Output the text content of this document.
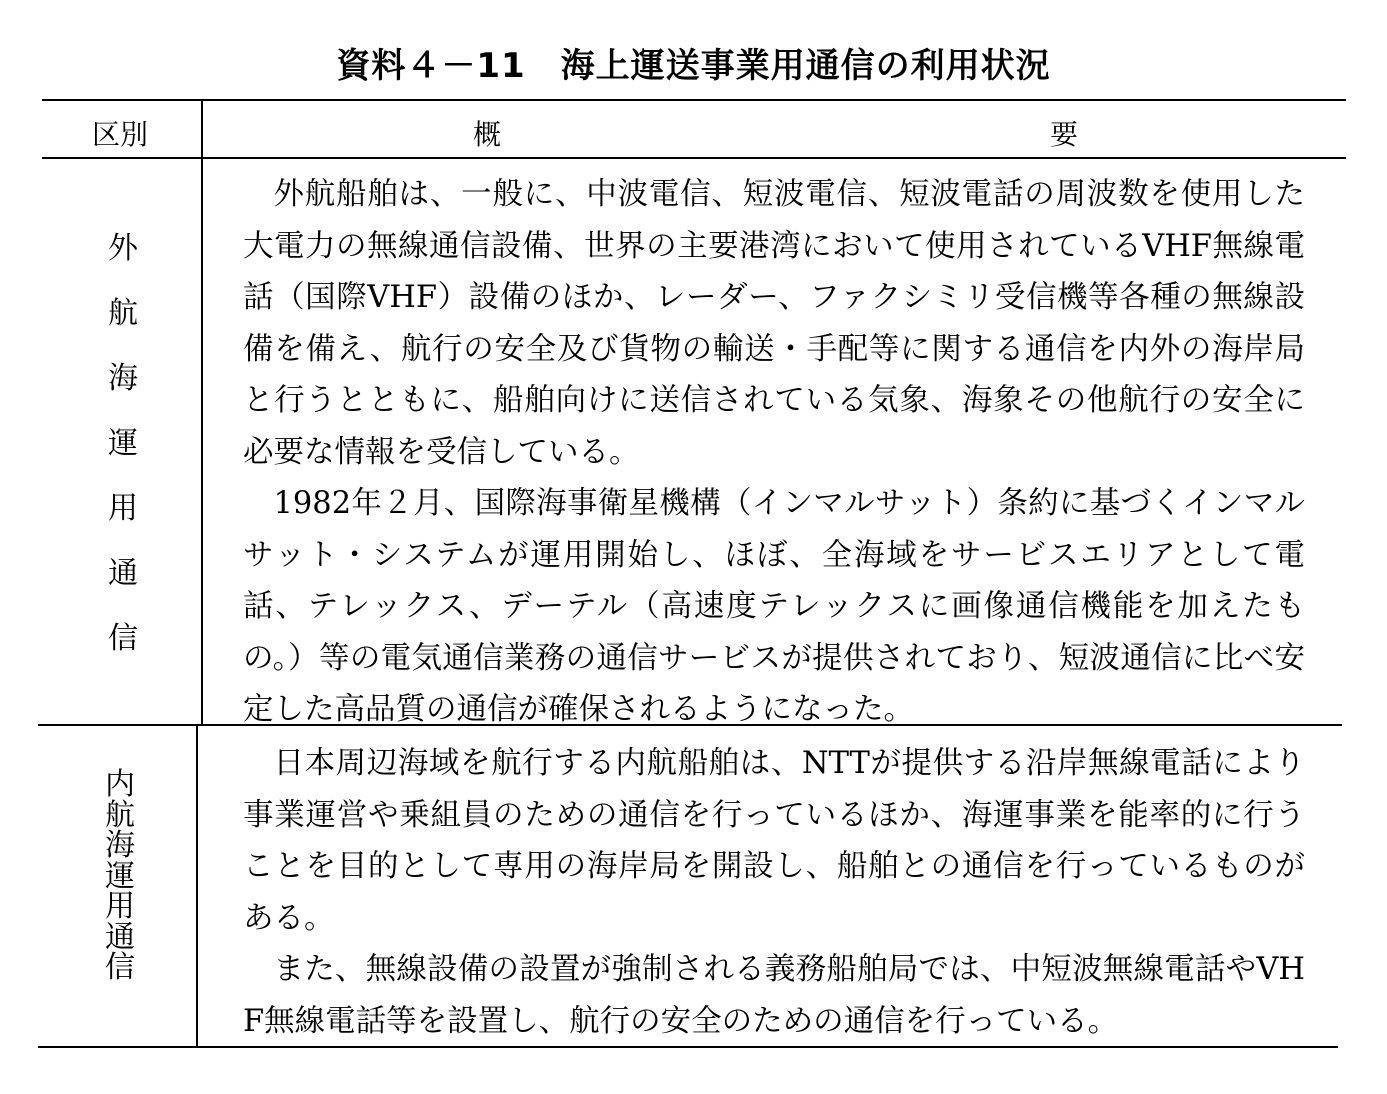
資料４－11　海上運送事業用通信の利用状況
区別	概	要
外
航
海
運
用
通
信

外航船舶は、一般に、中波電信、短波電信、短波電話の周波数を使用した大電力の無線通信設備、世界の主要港湾において使用されているVHF無線電話（国際VHF）設備のほか、レーダー、ファクシミリ受信機等各種の無線設備を備え、航行の安全及び貨物の輸送・手配等に関する通信を内外の海岸局と行うとともに、船舶向けに送信されている気象、海象その他航行の安全に必要な情報を受信している。

1982年２月、国際海事衛星機構（インマルサット）条約に基づくインマルサット・システムが運用開始し、ほぼ、全海域をサービスエリアとして電話、テレックス、デーテル（高速度テレックスに画像通信機能を加えたもの。）等の電気通信業務の通信サービスが提供されており、短波通信に比べ安定した高品質の通信が確保されるようになった。

内
航
海
運
用
通
信

日本周辺海域を航行する内航船舶は、NTTが提供する沿岸無線電話により事業運営や乗組員のための通信を行っているほか、海運事業を能率的に行うことを目的として専用の海岸局を開設し、船舶との通信を行っているものがある。

また、無線設備の設置が強制される義務船舶局では、中短波無線電話やVHF無線電話等を設置し、航行の安全のための通信を行っている。
